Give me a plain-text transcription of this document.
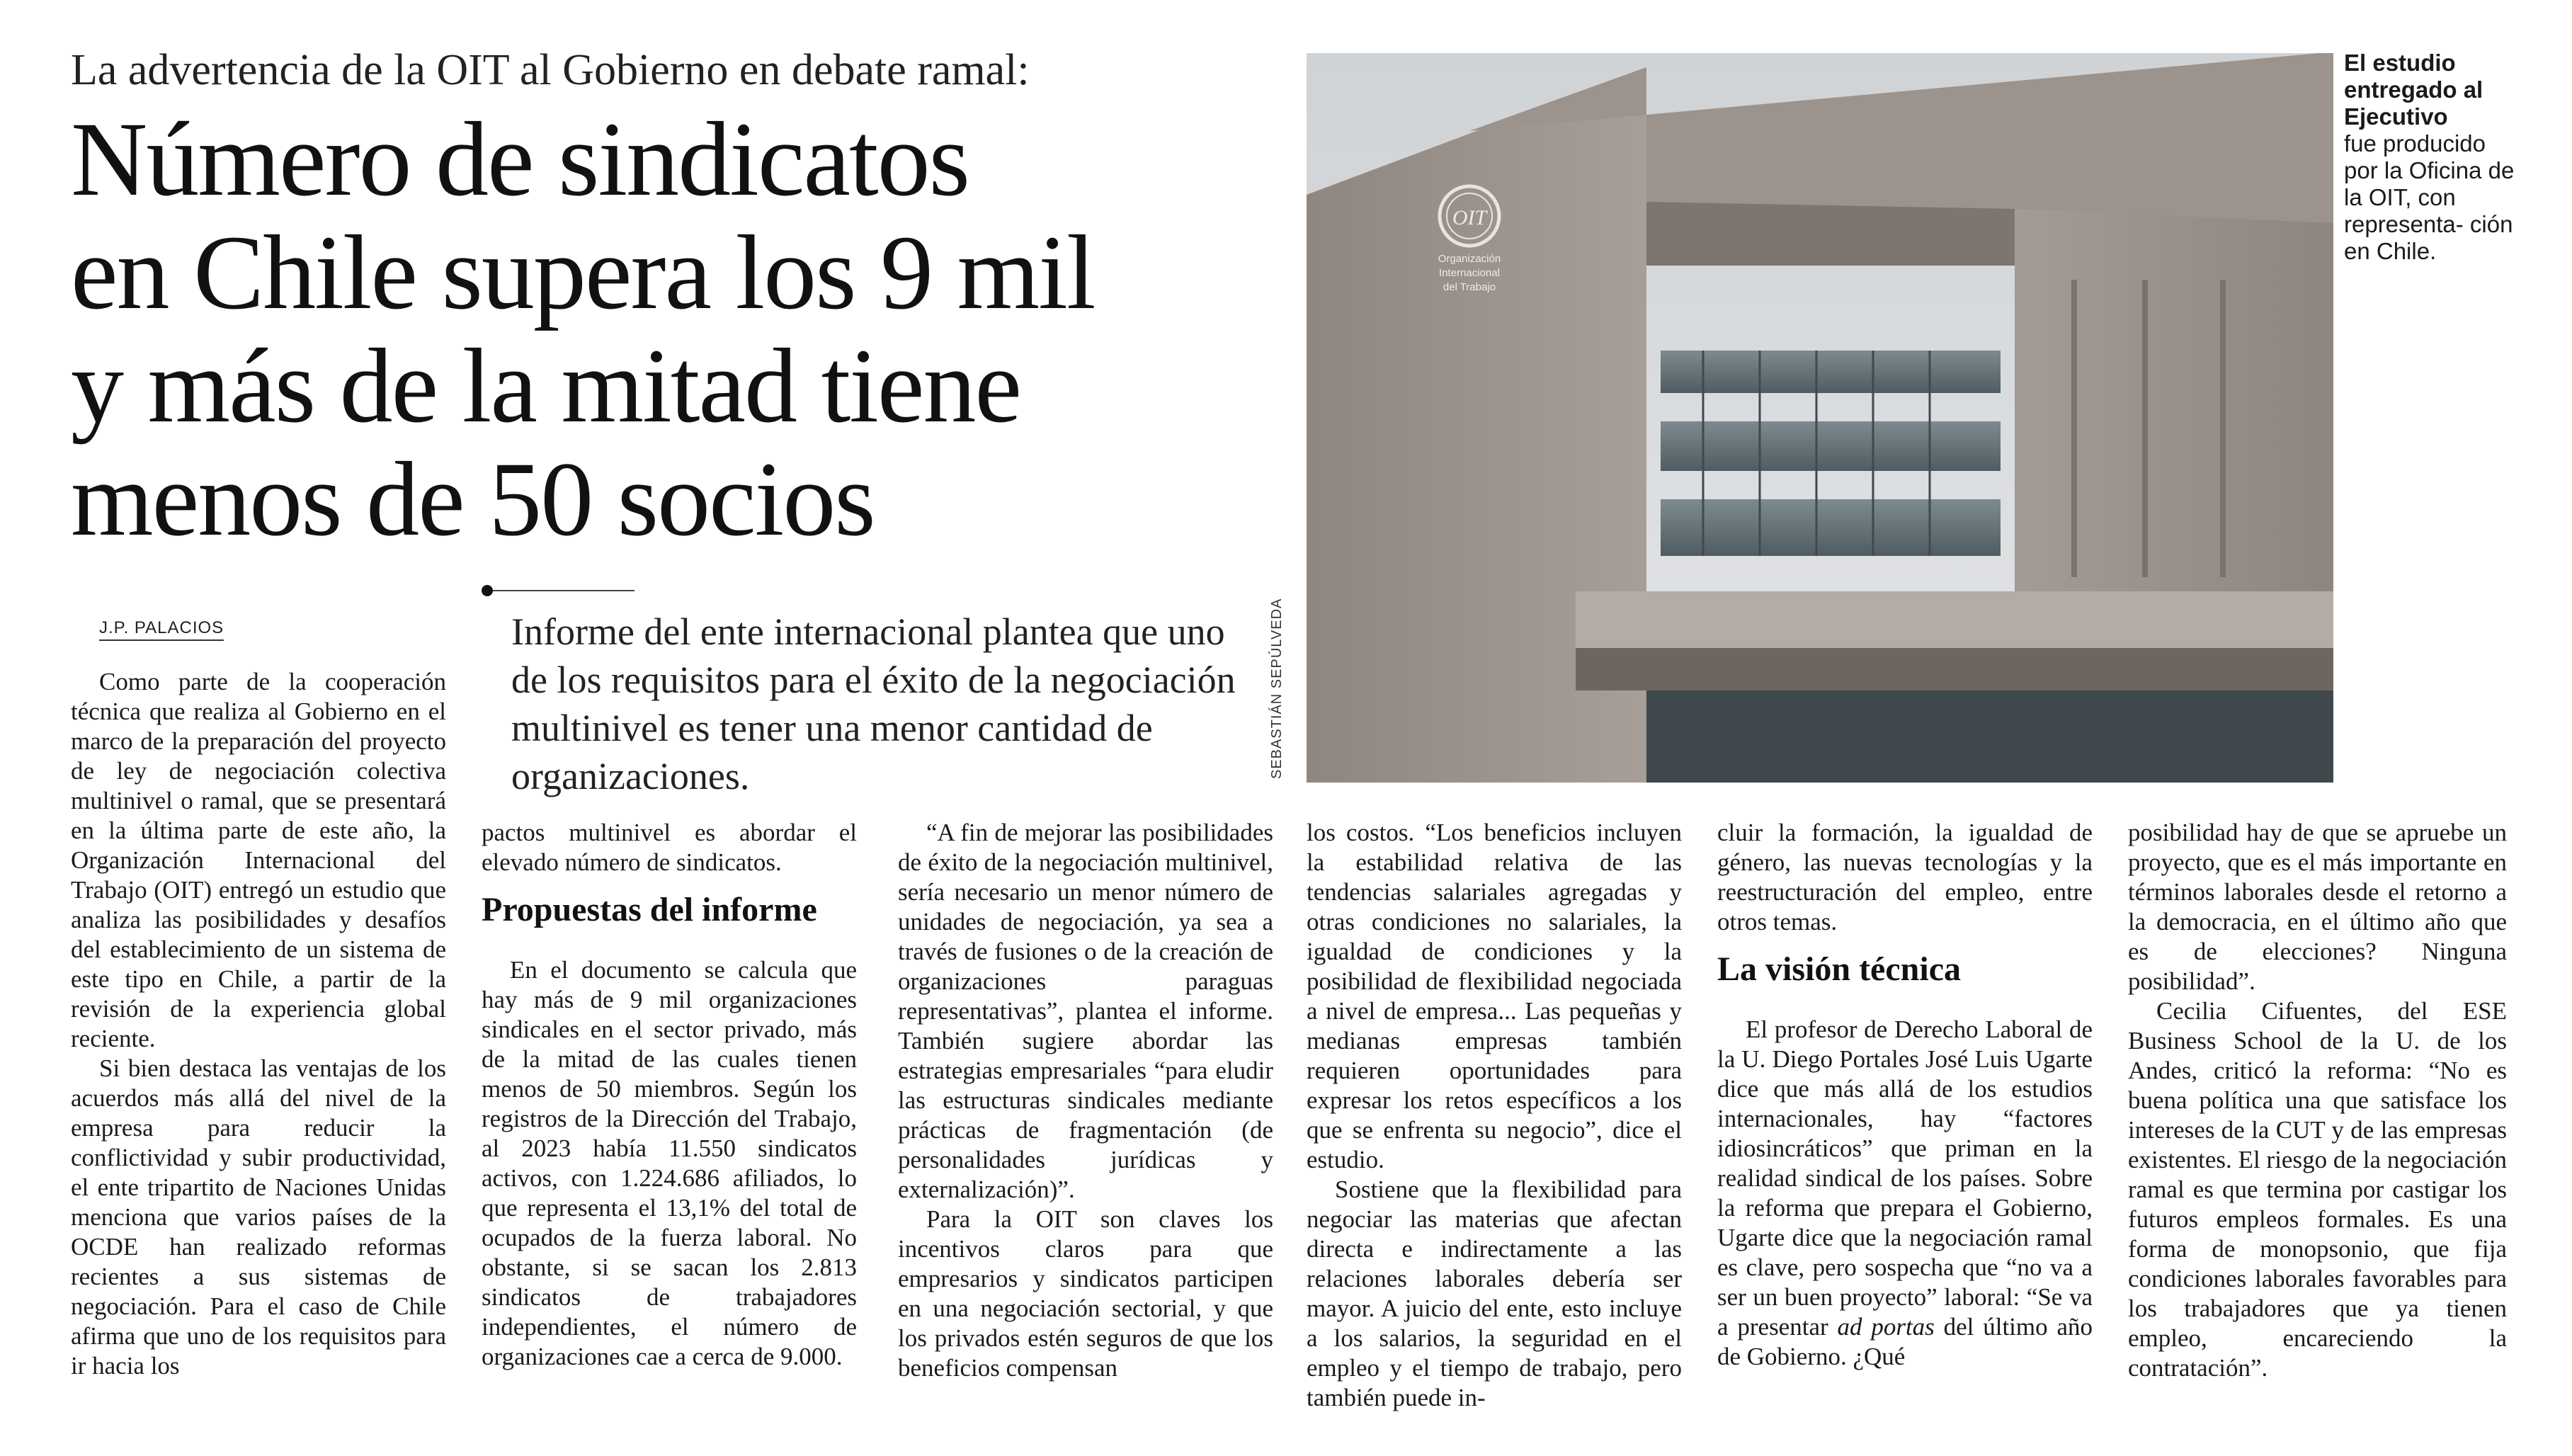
La advertencia de la OIT al Gobierno en debate ramal:
Número de sindicatos
en Chile supera los 9 mil
y más de la mitad tiene
menos de 50 socios
J.P. PALACIOS	Informe del ente internacional plantea que uno de los requisitos para el éxito de la negociación multinivel es tener una menor cantidad de organizaciones.
OIT
Organización
Internacional
del Trabajo
SEBASTIÁN SEPÚLVEDA
El estudio entregado al Ejecutivo
fue producido por la Oficina de la OIT, con representa- ción en Chile.

Como parte de la cooperación técnica que realiza al Gobierno en el marco de la preparación del proyecto de ley de negociación colectiva multinivel o ramal, que se presentará en la última parte de este año, la Organización Internacional del Trabajo (OIT) entregó un estudio que analiza las posibilidades y desafíos del establecimiento de un sistema de este tipo en Chile, a partir de la revisión de la experiencia global reciente.

Si bien destaca las ventajas de los acuerdos más allá del nivel de la empresa para reducir la conflictividad y subir productividad, el ente tripartito de Naciones Unidas menciona que varios países de la OCDE han realizado reformas recientes a sus sistemas de negociación. Para el caso de Chile afirma que uno de los requisitos para ir hacia los

pactos multinivel es abordar el elevado número de sindicatos.

Propuestas del informe

En el documento se calcula que hay más de 9 mil organizaciones sindicales en el sector privado, más de la mitad de las cuales tienen menos de 50 miembros. Según los registros de la Dirección del Trabajo, al 2023 había 11.550 sindicatos activos, con 1.224.686 afiliados, lo que representa el 13,1% del total de ocupados de la fuerza laboral. No obstante, si se sacan los 2.813 sindicatos de trabajadores independientes, el número de organizaciones cae a cerca de 9.000.

“A fin de mejorar las posibilidades de éxito de la negociación multinivel, sería necesario un menor número de unidades de negociación, ya sea a través de fusiones o de la creación de organizaciones paraguas representativas”, plantea el informe. También sugiere abordar las estrategias empresariales “para eludir las estructuras sindicales mediante prácticas de fragmentación (de personalidades jurídicas y externalización)”.

Para la OIT son claves los incentivos claros para que empresarios y sindicatos participen en una negociación sectorial, y que los privados estén seguros de que los beneficios compensan

los costos. “Los beneficios incluyen la estabilidad relativa de las tendencias salariales agregadas y otras condiciones no salariales, la igualdad de condiciones y la posibilidad de flexibilidad negociada a nivel de empresa... Las pequeñas y medianas empresas también requieren oportunidades para expresar los retos específicos a los que se enfrenta su negocio”, dice el estudio.

Sostiene que la flexibilidad para negociar las materias que afectan directa e indirectamente a las relaciones laborales debería ser mayor. A juicio del ente, esto incluye a los salarios, la seguridad en el empleo y el tiempo de trabajo, pero también puede in-

cluir la formación, la igualdad de género, las nuevas tecnologías y la reestructuración del empleo, entre otros temas.

La visión técnica

El profesor de Derecho Laboral de la U. Diego Portales José Luis Ugarte dice que más allá de los estudios internacionales, hay “factores idiosincráticos” que priman en la realidad sindical de los países. Sobre la reforma que prepara el Gobierno, Ugarte dice que la negociación ramal es clave, pero sospecha que “no va a ser un buen proyecto” laboral: “Se va a presentar ad portas del último año de Gobierno. ¿Qué

posibilidad hay de que se apruebe un proyecto, que es el más importante en términos laborales desde el retorno a la democracia, en el último año que es de elecciones? Ninguna posibilidad”.

Cecilia Cifuentes, del ESE Business School de la U. de los Andes, criticó la reforma: “No es buena política una que satisface los intereses de la CUT y de las empresas existentes. El riesgo de la negociación ramal es que termina por castigar los futuros empleos formales. Es una forma de monopsonio, que fija condiciones laborales favorables para los trabajadores que ya tienen empleo, encareciendo la contratación”.
